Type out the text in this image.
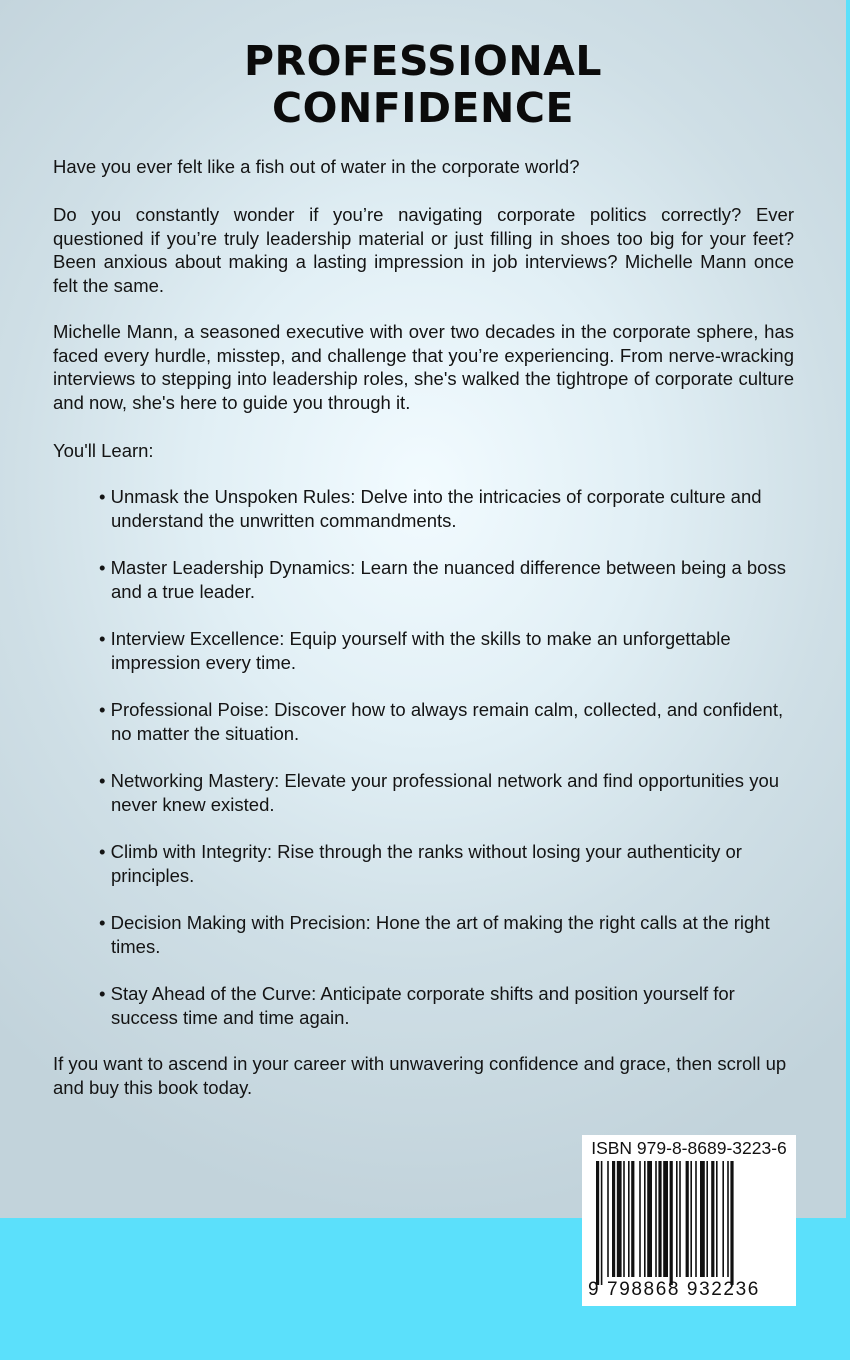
PROFESSIONAL
CONFIDENCE
Have you ever felt like a fish out of water in the corporate world?
Do you constantly wonder if you’re navigating corporate politics correctly? Ever questioned if you’re truly leadership material or just filling in shoes too big for your feet? Been anxious about making a lasting impression in job interviews? Michelle Mann once felt the same.
Michelle Mann, a seasoned executive with over two decades in the corporate sphere, has faced every hurdle, misstep, and challenge that you’re experiencing. From nerve-wracking interviews to stepping into leadership roles, she's walked the tightrope of corporate culture and now, she's here to guide you through it.
You'll Learn:
• Unmask the Unspoken Rules: Delve into the intricacies of corporate culture and understand the unwritten commandments.
• Master Leadership Dynamics: Learn the nuanced difference between being a boss and a true leader.
• Interview Excellence: Equip yourself with the skills to make an unforgettable impression every time.
• Professional Poise: Discover how to always remain calm, collected, and confident, no matter the situation.
• Networking Mastery: Elevate your professional network and find opportunities you never knew existed.
• Climb with Integrity: Rise through the ranks without losing your authenticity or principles.
• Decision Making with Precision: Hone the art of making the right calls at the right times.
• Stay Ahead of the Curve: Anticipate corporate shifts and position yourself for success time and time again.
If you want to ascend in your career with unwavering confidence and grace, then scroll up and buy this book today.
ISBN 979-8-8689-3223-6
9 798868 932236
